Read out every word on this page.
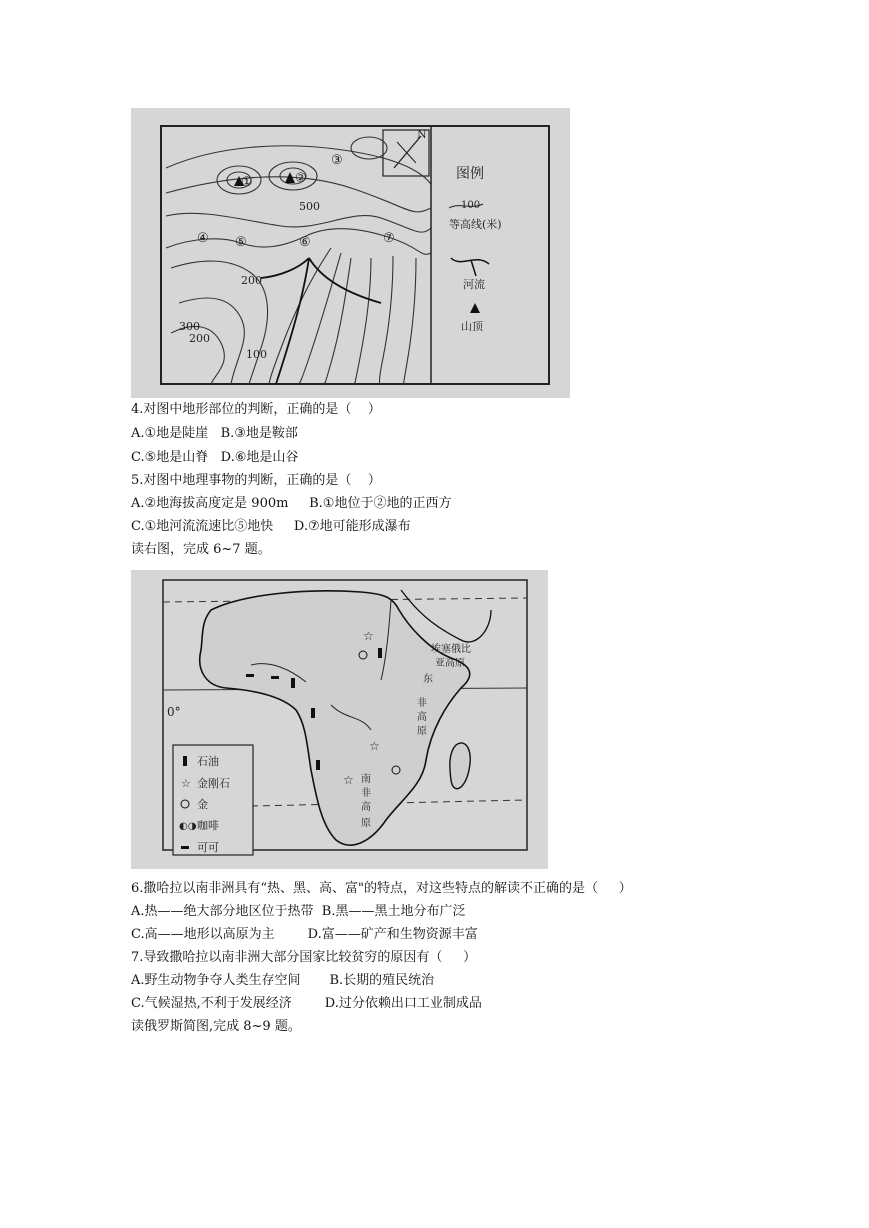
N
500
200
300
200
100
①	②
③
④ ⑤	⑥	⑦
图例
100
等高线(米)
河流
山顶
4.对图中地形部位的判断，正确的是（    ）
A.①地是陡崖   B.③地是鞍部
C.⑤地是山脊   D.⑥地是山谷
5.对图中地理事物的判断，正确的是（    ）
A.②地海拔高度定是 900m     B.①地位于②地的正西方
C.①地河流流速比⑤地快     D.⑦地可能形成瀑布
读右图，完成 6~7 题。
0°
☆
☆
☆
埃塞俄比
亚高原
东
非
高
原
南
非
高
原
石油
☆ 金刚石
金
◐◑ 咖啡
可可
6.撒哈拉以南非洲具有“热、黑、高、富"的特点，对这些特点的解读不正确的是（     ）
A.热——绝大部分地区位于热带  B.黑——黑土地分布广泛
C.高——地形以高原为主        D.富——矿产和生物资源丰富
7.导致撒哈拉以南非洲大部分国家比较贫穷的原因有（     ）
A.野生动物争夺人类生存空间       B.长期的殖民统治
C.气候湿热,不利于发展经济        D.过分依赖出口工业制成品
读俄罗斯简图,完成 8~9 题。
